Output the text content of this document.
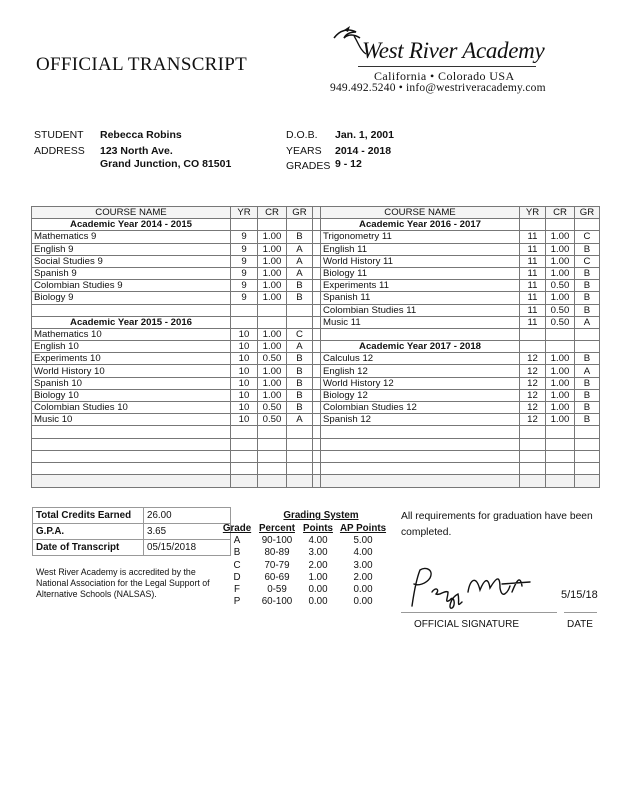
OFFICIAL TRANSCRIPT
West River Academy
California • Colorado USA
949.492.5240 • info@westriveracademy.com
STUDENT Rebecca Robins
ADDRESS 123 North Ave.
Grand Junction, CO 81501
D.O.B. Jan. 1, 2001
YEARS 2014 - 2018
GRADES 9 - 12
COURSE NAME	YR	CR	GR		COURSE NAME	YR	CR	GR
Academic Year 2014 - 2015					Academic Year 2016 - 2017			
Mathematics 9	9	1.00	B		Trigonometry 11	11	1.00	C
English 9	9	1.00	A		English 11	11	1.00	B
Social Studies 9	9	1.00	A		World History 11	11	1.00	C
Spanish 9	9	1.00	A		Biology 11	11	1.00	B
Colombian Studies 9	9	1.00	B		Experiments 11	11	0.50	B
Biology 9	9	1.00	B		Spanish 11	11	1.00	B
					Colombian Studies 11	11	0.50	B
Academic Year 2015 - 2016					Music 11	11	0.50	A
Mathematics 10	10	1.00	C					
English 10	10	1.00	A		Academic Year 2017 - 2018			
Experiments 10	10	0.50	B		Calculus 12	12	1.00	B
World History 10	10	1.00	B		English 12	12	1.00	A
Spanish 10	10	1.00	B		World History 12	12	1.00	B
Biology 10	10	1.00	B		Biology 12	12	1.00	B
Colombian Studies 10	10	0.50	B		Colombian Studies 12	12	1.00	B
Music 10	10	0.50	A		Spanish 12	12	1.00	B

Total Credits Earned	26.00
G.P.A.	3.65
Date of Transcript	05/15/2018
West River Academy is accredited by the National Association for the Legal Support of Alternative Schools (NALSAS).
Grading System
Grade	Percent	Points	AP Points
A	90-100	4.00	5.00
B	80-89	3.00	4.00
C	70-79	2.00	3.00
D	60-69	1.00	2.00
F	0-59	0.00	0.00
P	60-100	0.00	0.00
All requirements for graduation have been completed.
5/15/18
OFFICIAL SIGNATURE	DATE
